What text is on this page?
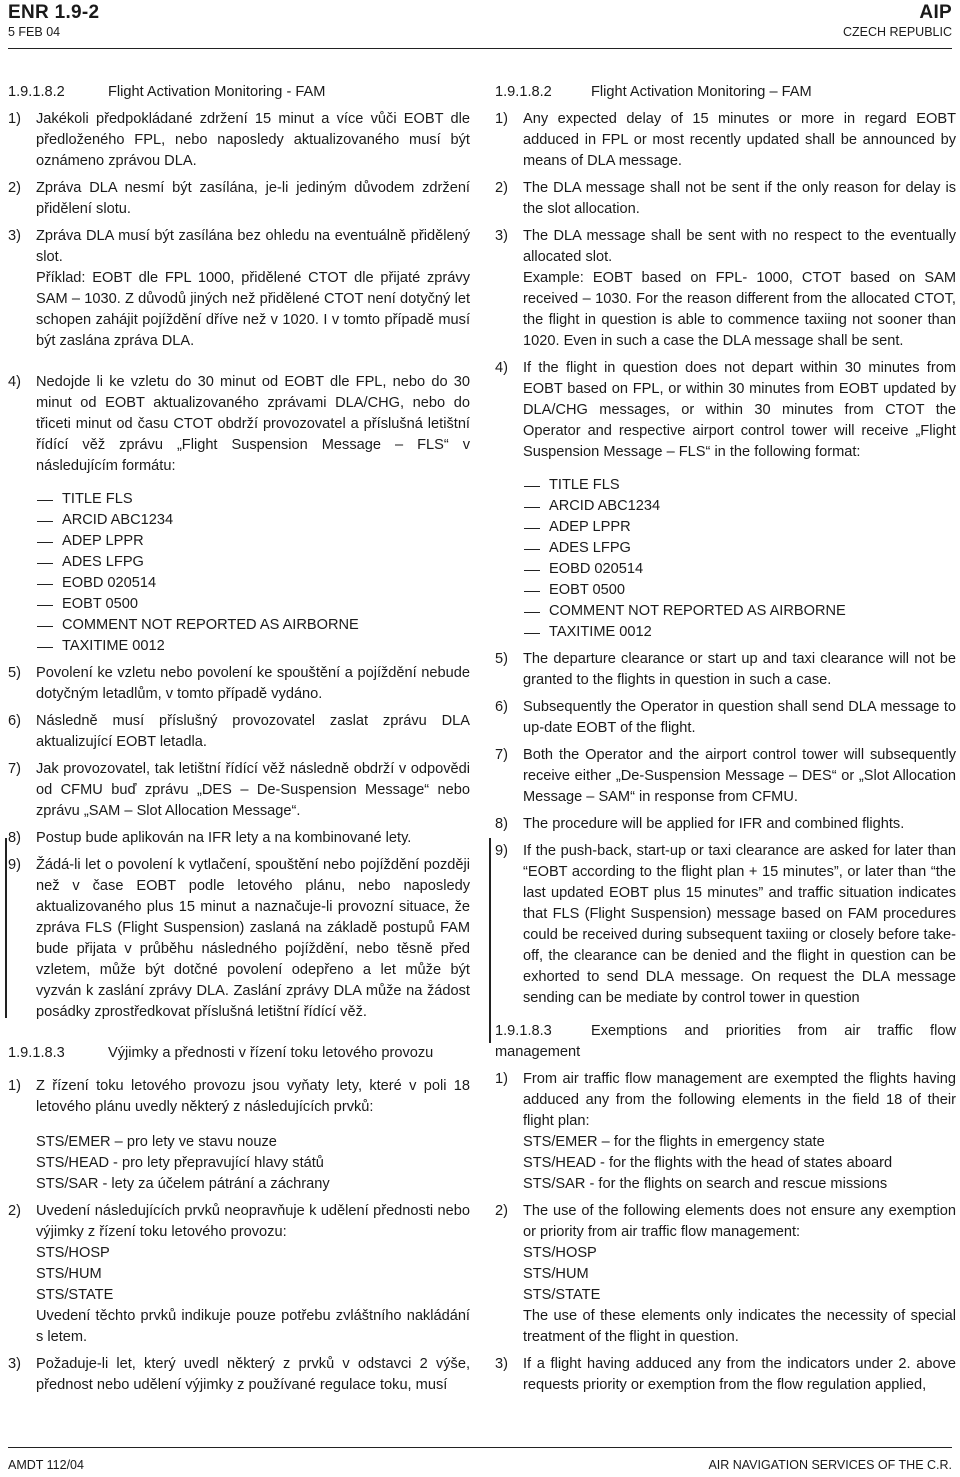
ENR 1.9-2
5 FEB 04
AIP
CZECH REPUBLIC
1.9.1.8.2	Flight Activation Monitoring - FAM
1)	Jakékoli předpokládané zdržení 15 minut a více vůči EOBT dle předloženého FPL, nebo naposledy aktualizovaného musí být oznámeno zprávou DLA.

2)	Zpráva DLA nesmí být zasílána, je-li jediným důvodem zdržení přidělení slotu.

3)	Zpráva DLA musí být zasílána bez ohledu na eventuálně přidělený slot.

Příklad: EOBT dle FPL 1000, přidělené CTOT dle přijaté zprávy SAM – 1030. Z důvodů jiných než přidělené CTOT není dotyčný let schopen zahájit pojíždění dříve než v 1020. I v tomto případě musí být zaslána zpráva DLA.

4)	Nedojde li ke vzletu do 30 minut od EOBT dle FPL, nebo do 30 minut od EOBT aktualizovaného zprávami DLA/CHG, nebo do třiceti minut od času CTOT obdrží provozovatel a příslušná letištní řídící věž zprávu „Flight Suspension Message – FLS“ v následujícím formátu:

TITLE FLS
ARCID ABC1234
ADEP LPPR
ADES LFPG
EOBD 020514
EOBT 0500
COMMENT NOT REPORTED AS AIRBORNE
TAXITIME 0012
5)	Povolení ke vzletu nebo povolení ke spouštění a pojíždění nebude dotyčným letadlům, v tomto případě vydáno.

6)	Následně musí příslušný provozovatel zaslat zprávu DLA aktualizující EOBT letadla.

7)	Jak provozovatel, tak letištní řídící věž následně obdrží v odpovědi od CFMU buď zprávu „DES – De-Suspension Message“ nebo zprávu „SAM – Slot Allocation Message“.

8)	Postup bude aplikován na IFR lety a na kombinované lety.

9)	Žádá-li let o povolení k vytlačení, spouštění nebo pojíždění později než v čase EOBT podle letového plánu, nebo naposledy aktualizovaného plus 15 minut a naznačuje-li provozní situace, že zpráva FLS (Flight Suspension) zaslaná na základě postupů FAM bude přijata v průběhu následného pojíždění, nebo těsně před vzletem, může být dotčné povolení odepřeno a let může být vyzván k zaslání zprávy DLA. Zaslání zprávy DLA může na žádost posádky zprostředkovat příslušná letištní řídící věž.

1.9.1.8.3	Výjimky a přednosti v řízení toku letového provozu
1)	Z řízení toku letového provozu jsou vyňaty lety, které v poli 18 letového plánu uvedly některý z následujících prvků:

STS/EMER – pro lety ve stavu nouze

STS/HEAD - pro lety přepravující hlavy států

STS/SAR - lety za účelem pátrání a záchrany

2)	Uvedení následujících prvků neopravňuje k udělení přednosti nebo výjimky z řízení toku letového provozu:

STS/HOSP

STS/HUM

STS/STATE

Uvedení těchto prvků indikuje pouze potřebu zvláštního nakládání s letem.

3)	Požaduje-li let, který uvedl některý z prvků v odstavci 2 výše, přednost nebo udělení výjimky z používané regulace toku, musí

1.9.1.8.2	Flight Activation Monitoring – FAM
1)	Any expected delay of 15 minutes or more in regard EOBT adduced in FPL or most recently updated shall be announced by means of DLA message.

2)	The DLA message shall not be sent if the only reason for delay is the slot allocation.

3)	The DLA message shall be sent with no respect to the eventually allocated slot.

Example: EOBT based on FPL- 1000, CTOT based on SAM received – 1030. For the reason different from the allocated CTOT, the flight in question is able to commence taxiing not sooner than 1020. Even in such a case the DLA message shall be sent.

4)	If the flight in question does not depart within 30 minutes from EOBT based on FPL, or within 30 minutes from EOBT updated by DLA/CHG messages, or within 30 minutes from CTOT the Operator and respective airport control tower will receive „Flight Suspension Message – FLS“ in the following format:

TITLE FLS
ARCID ABC1234
ADEP LPPR
ADES LFPG
EOBD 020514
EOBT 0500
COMMENT NOT REPORTED AS AIRBORNE
TAXITIME 0012
5)	The departure clearance or start up and taxi clearance will not be granted to the flights in question in such a case.

6)	Subsequently the Operator in question shall send DLA message to up-date EOBT of the flight.

7)	Both the Operator and the airport control tower will subsequently receive either „De-Suspension Message – DES“ or „Slot Allocation Message – SAM“ in response from CFMU.

8)	The procedure will be applied for IFR and combined flights.

9)	If the push-back, start-up or taxi clearance are asked for later than “EOBT according to the flight plan + 15 minutes”, or later than “the last updated EOBT plus 15 minutes” and traffic situation indicates that FLS (Flight Suspension) message based on FAM procedures could be received during subsequent taxiing or closely before take-off, the clearance can be denied and the flight in question can be exhorted to send DLA message. On request the DLA message sending can be mediate by control tower in question

1.9.1.8.3	Exemptions and priorities from air traffic flow management
1)	From air traffic flow management are exempted the flights having adduced any from the following elements in the field 18 of their flight plan:

STS/EMER – for the flights in emergency state

STS/HEAD - for the flights with the head of states aboard

STS/SAR - for the flights on search and rescue missions

2)	The use of the following elements does not ensure any exemption or priority from air traffic flow management:

STS/HOSP

STS/HUM

STS/STATE

The use of these elements only indicates the necessity of special treatment of the flight in question.

3)	If a flight having adduced any from the indicators under 2. above requests priority or exemption from the flow regulation applied,

AMDT 112/04	AIR NAVIGATION SERVICES OF THE C.R.
